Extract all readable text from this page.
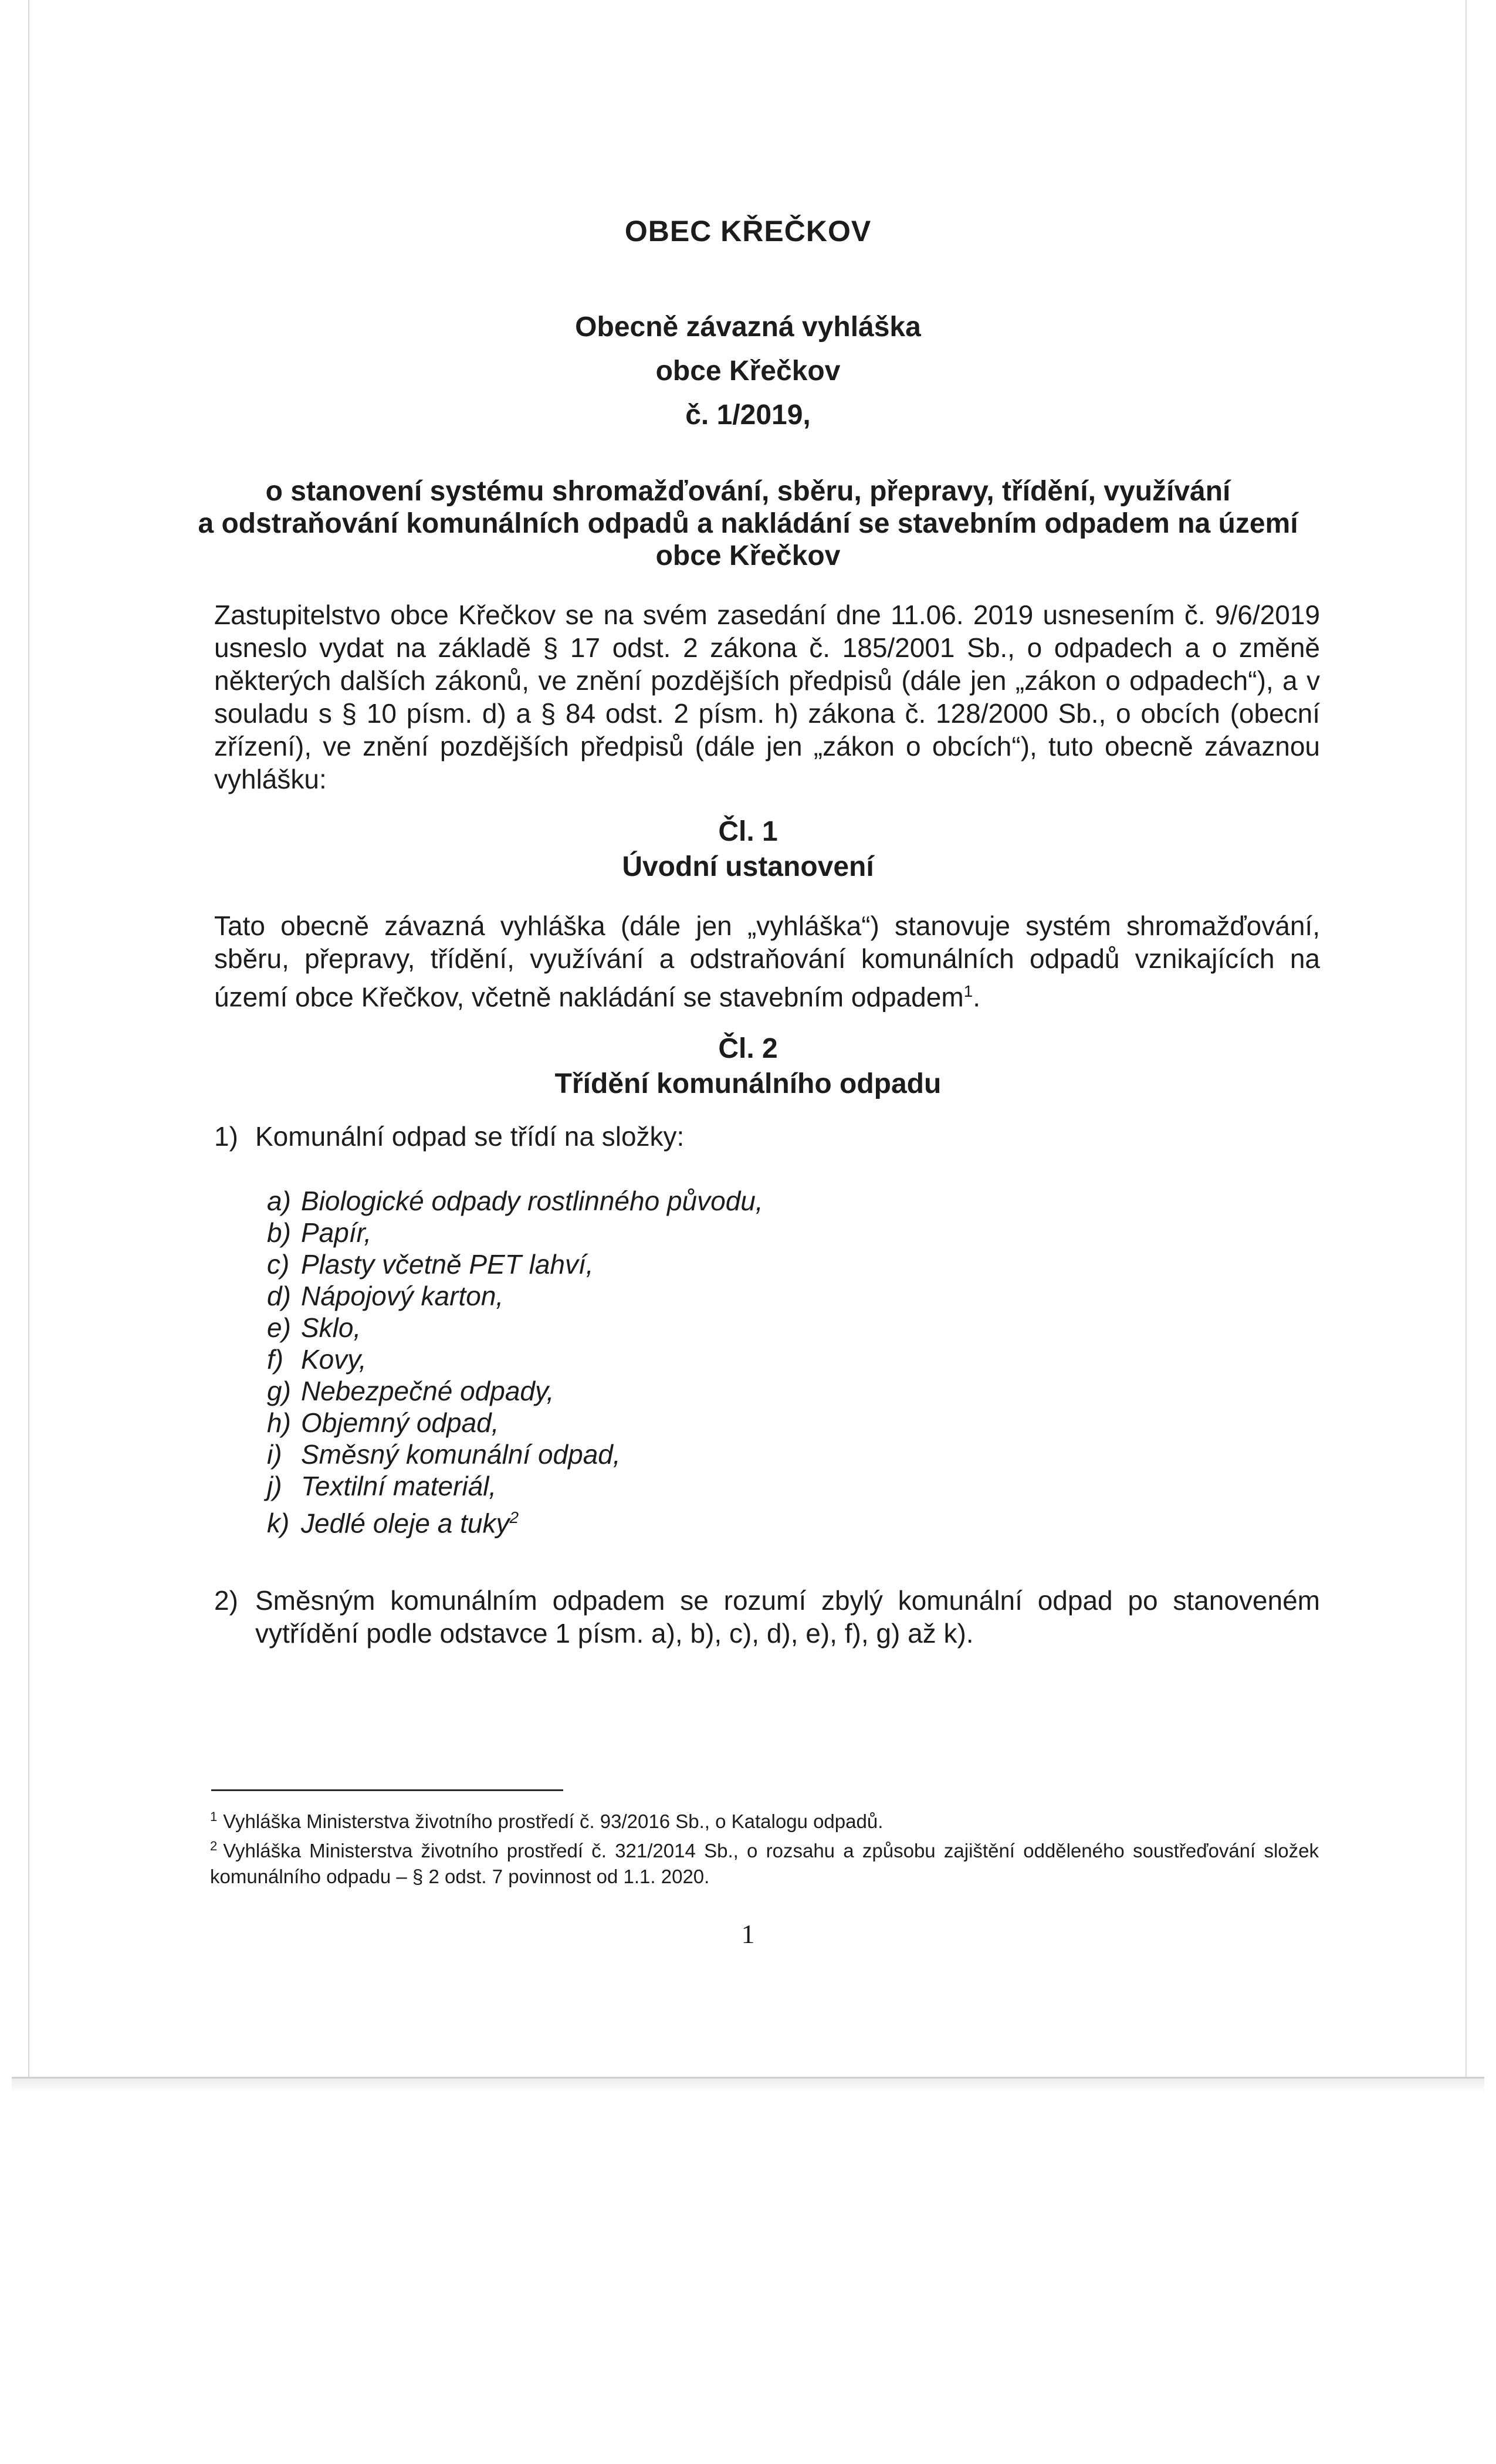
OBEC KŘEČKOV
Obecně závazná vyhláška
obce Křečkov
č. 1/2019,
o stanovení systému shromažďování, sběru, přepravy, třídění, využívání
a odstraňování komunálních odpadů a nakládání se stavebním odpadem na území
obce Křečkov
Zastupitelstvo obce Křečkov se na svém zasedání dne 11.06. 2019 usnesením č. 9/6/2019 usneslo vydat na základě § 17 odst. 2 zákona č. 185/2001 Sb., o odpadech a o změně některých dalších zákonů, ve znění pozdějších předpisů (dále jen „zákon o odpadech“), a v souladu s § 10 písm. d) a § 84 odst. 2 písm. h) zákona č. 128/2000 Sb., o obcích (obecní zřízení), ve znění pozdějších předpisů (dále jen „zákon o obcích“), tuto obecně závaznou vyhlášku:
Čl. 1
Úvodní ustanovení
Tato obecně závazná vyhláška (dále jen „vyhláška“) stanovuje systém shromažďování, sběru, přepravy, třídění, využívání a odstraňování komunálních odpadů vznikajících na území obce Křečkov, včetně nakládání se stavebním odpadem$^1$.
Čl. 2
Třídění komunálního odpadu
1) Komunální odpad se třídí na složky:
a) Biologické odpady rostlinného původu,
b) Papír,
c) Plasty včetně PET lahví,
d) Nápojový karton,
e) Sklo,
f) Kovy,
g) Nebezpečné odpady,
h) Objemný odpad,
i) Směsný komunální odpad,
j) Textilní materiál,
k) Jedlé oleje a tuky$^2$
2) Směsným komunálním odpadem se rozumí zbylý komunální odpad po stanoveném vytřídění podle odstavce 1 písm. a), b), c), d), e), f), g) až k).
$^1$ Vyhláška Ministerstva životního prostředí č. 93/2016 Sb., o Katalogu odpadů.
$^2$ Vyhláška Ministerstva životního prostředí č. 321/2014 Sb., o rozsahu a způsobu zajištění odděleného soustřeďování složek komunálního odpadu – § 2 odst. 7 povinnost od 1.1. 2020.
1
